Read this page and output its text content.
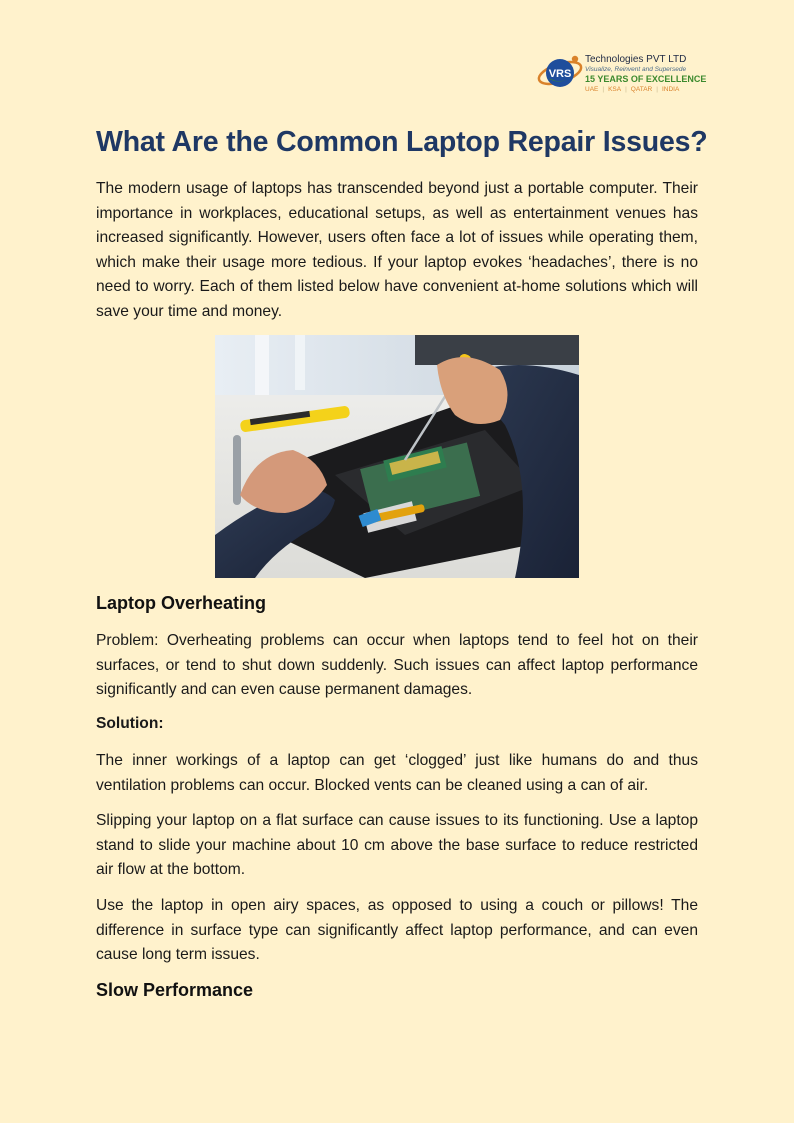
VRS
Technologies PVT LTD
Visualize, Reinvent and Supersede
15 YEARS OF EXCELLENCE
UAE | KSA | QATAR | INDIA
What Are the Common Laptop Repair Issues?

The modern usage of laptops has transcended beyond just a portable computer. Their importance in workplaces, educational setups, as well as entertainment venues has increased significantly. However, users often face a lot of issues while operating them, which make their usage more tedious. If your laptop evokes ‘headaches’, there is no need to worry. Each of them listed below have convenient at-home solutions which will save your time and money.

Laptop Overheating

Problem: Overheating problems can occur when laptops tend to feel hot on their surfaces, or tend to shut down suddenly. Such issues can affect laptop performance significantly and can even cause permanent damages.

Solution:

The inner workings of a laptop can get ‘clogged’ just like humans do and thus ventilation problems can occur. Blocked vents can be cleaned using a can of air.

Slipping your laptop on a flat surface can cause issues to its functioning. Use a laptop stand to slide your machine about 10 cm above the base surface to reduce restricted air flow at the bottom.

Use the laptop in open airy spaces, as opposed to using a couch or pillows! The difference in surface type can significantly affect laptop performance, and can even cause long term issues.

Slow Performance
